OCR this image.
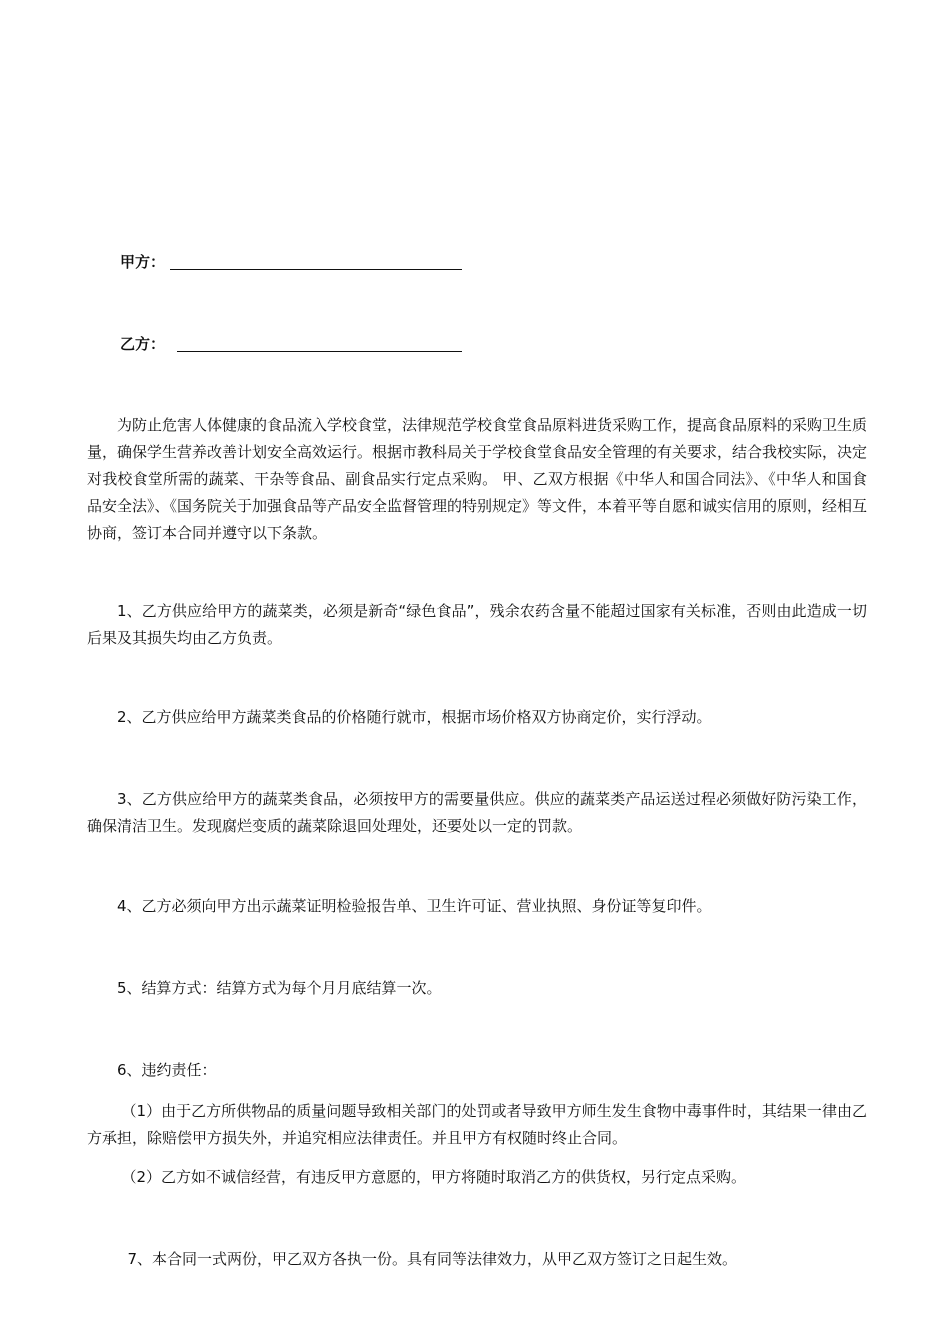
甲方：
乙方：
为防止危害人体健康的食品流入学校食堂，法律规范学校食堂食品原料进货采购工作，提高食品原料的采购卫生质量，确保学生营养改善计划安全高效运行。根据市教科局关于学校食堂食品安全管理的有关要求，结合我校实际，决定对我校食堂所需的蔬菜、干杂等食品、副食品实行定点采购。 甲、乙双方根据《中华人和国合同法》、《中华人和国食品安全法》、《国务院关于加强食品等产品安全监督管理的特别规定》等文件，本着平等自愿和诚实信用的原则，经相互协商，签订本合同并遵守以下条款。
1、乙方供应给甲方的蔬菜类，必须是新奇“绿色食品”，残余农药含量不能超过国家有关标准，否则由此造成一切后果及其损失均由乙方负责。
2、乙方供应给甲方蔬菜类食品的价格随行就市，根据市场价格双方协商定价，实行浮动。
3、乙方供应给甲方的蔬菜类食品，必须按甲方的需要量供应。供应的蔬菜类产品运送过程必须做好防污染工作，确保清洁卫生。发现腐烂变质的蔬菜除退回处理处，还要处以一定的罚款。
4、乙方必须向甲方出示蔬菜证明检验报告单、卫生许可证、营业执照、身份证等复印件。
5、结算方式：结算方式为每个月月底结算一次。
6、违约责任：
（1）由于乙方所供物品的质量问题导致相关部门的处罚或者导致甲方师生发生食物中毒事件时，其结果一律由乙方承担，除赔偿甲方损失外，并追究相应法律责任。并且甲方有权随时终止合同。
（2）乙方如不诚信经营，有违反甲方意愿的，甲方将随时取消乙方的供货权，另行定点采购。
7、本合同一式两份，甲乙双方各执一份。具有同等法律效力，从甲乙双方签订之日起生效。
